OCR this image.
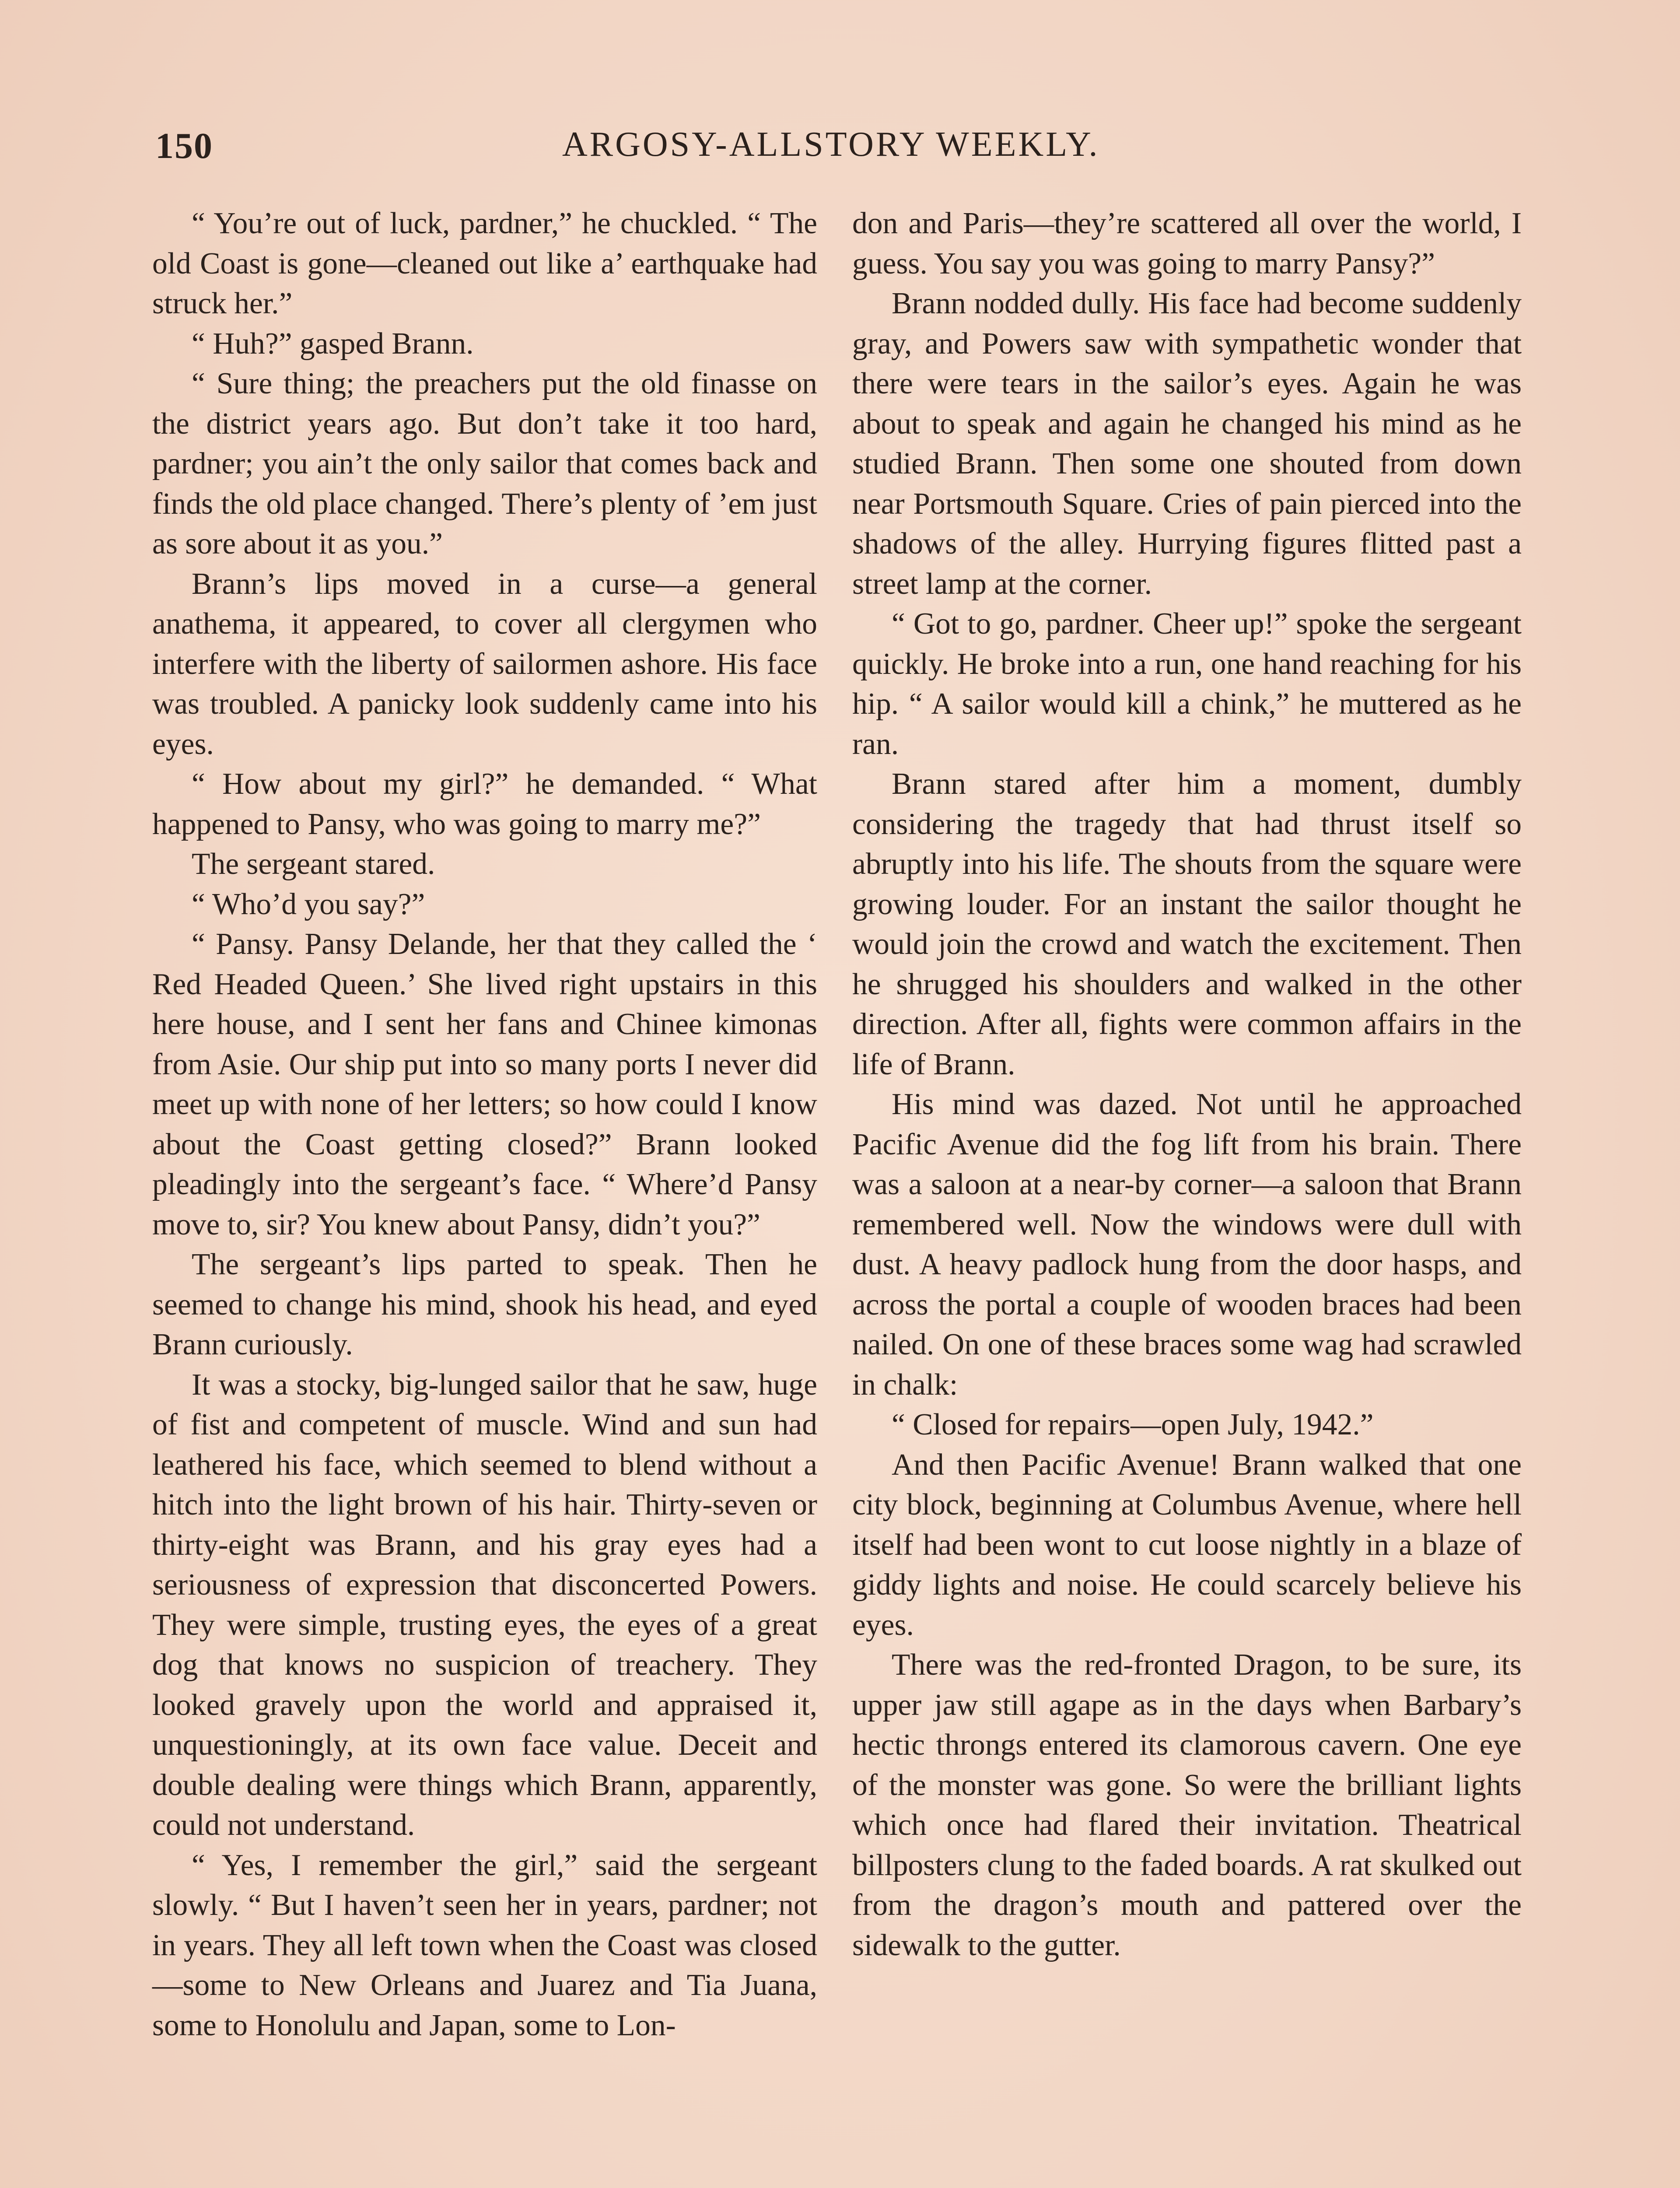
150	ARGOSY-ALLSTORY WEEKLY.

“ You’re out of luck, pardner,” he chuckled. “ The old Coast is gone—cleaned out like a’ earthquake had struck her.”

“ Huh?” gasped Brann.

“ Sure thing; the preachers put the old finasse on the district years ago. But don’t take it too hard, pardner; you ain’t the only sailor that comes back and finds the old place changed. There’s plenty of ’em just as sore about it as you.”

Brann’s lips moved in a curse—a general anathema, it appeared, to cover all clergymen who interfere with the liberty of sailormen ashore. His face was troubled. A panicky look suddenly came into his eyes.

“ How about my girl?” he demanded. “ What happened to Pansy, who was going to marry me?”

The sergeant stared.

“ Who’d you say?”

“ Pansy. Pansy Delande, her that they called the ‘ Red Headed Queen.’ She lived right upstairs in this here house, and I sent her fans and Chinee kimonas from Asie. Our ship put into so many ports I never did meet up with none of her letters; so how could I know about the Coast getting closed?” Brann looked pleadingly into the sergeant’s face. “ Where’d Pansy move to, sir? You knew about Pansy, didn’t you?”

The sergeant’s lips parted to speak. Then he seemed to change his mind, shook his head, and eyed Brann curiously.

It was a stocky, big-lunged sailor that he saw, huge of fist and competent of muscle. Wind and sun had leathered his face, which seemed to blend without a hitch into the light brown of his hair. Thirty-seven or thirty-eight was Brann, and his gray eyes had a seriousness of expression that disconcerted Powers. They were simple, trusting eyes, the eyes of a great dog that knows no suspicion of treachery. They looked gravely upon the world and appraised it, unquestioningly, at its own face value. Deceit and double dealing were things which Brann, apparently, could not understand.

“ Yes, I remember the girl,” said the sergeant slowly. “ But I haven’t seen her in years, pardner; not in years. They all left town when the Coast was closed—some to New Orleans and Juarez and Tia Juana, some to Honolulu and Japan, some to Lon-

don and Paris—they’re scattered all over the world, I guess. You say you was going to marry Pansy?”

Brann nodded dully. His face had become suddenly gray, and Powers saw with sympathetic wonder that there were tears in the sailor’s eyes. Again he was about to speak and again he changed his mind as he studied Brann. Then some one shouted from down near Portsmouth Square. Cries of pain pierced into the shadows of the alley. Hurrying figures flitted past a street lamp at the corner.

“ Got to go, pardner. Cheer up!” spoke the sergeant quickly. He broke into a run, one hand reaching for his hip. “ A sailor would kill a chink,” he muttered as he ran.

Brann stared after him a moment, dumbly considering the tragedy that had thrust itself so abruptly into his life. The shouts from the square were growing louder. For an instant the sailor thought he would join the crowd and watch the excitement. Then he shrugged his shoulders and walked in the other direction. After all, fights were common affairs in the life of Brann.

His mind was dazed. Not until he approached Pacific Avenue did the fog lift from his brain. There was a saloon at a near-by corner—a saloon that Brann remembered well. Now the windows were dull with dust. A heavy padlock hung from the door hasps, and across the portal a couple of wooden braces had been nailed. On one of these braces some wag had scrawled in chalk:

“ Closed for repairs—open July, 1942.”

And then Pacific Avenue! Brann walked that one city block, beginning at Columbus Avenue, where hell itself had been wont to cut loose nightly in a blaze of giddy lights and noise. He could scarcely believe his eyes.

There was the red-fronted Dragon, to be sure, its upper jaw still agape as in the days when Barbary’s hectic throngs entered its clamorous cavern. One eye of the monster was gone. So were the brilliant lights which once had flared their invitation. Theatrical billposters clung to the faded boards. A rat skulked out from the dragon’s mouth and pattered over the sidewalk to the gutter.
